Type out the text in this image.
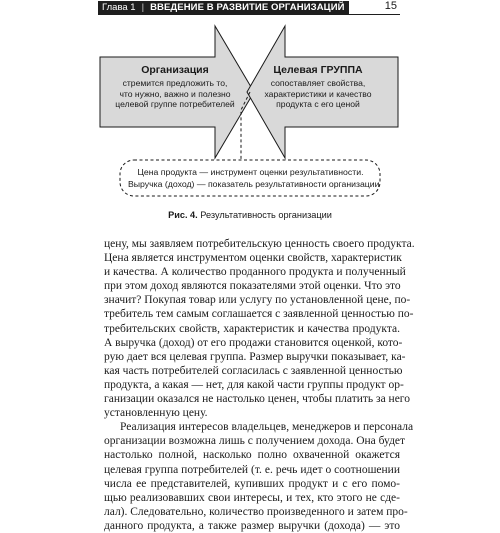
Глава 1 | ВВЕДЕНИЕ В РАЗВИТИЕ ОРГАНИЗАЦИЙ	15
Организация
стремится предложить то,
что нужно, важно и полезно
целевой группе потребителей
Целевая ГРУППА
сопоставляет свойства,
характеристики и качество
продукта с его ценой
Цена продукта — инструмент оценки результативности.
Выручка (доход) — показатель результативности организации
Рис. 4. Результативность организации
цену, мы заявляем потребительскую ценность своего продукта.
Цена является инструментом оценки свойств, характеристик
и качества. А количество проданного продукта и полученный
при этом доход являются показателями этой оценки. Что это
значит? Покупая товар или услугу по установленной цене, по-
требитель тем самым соглашается с заявленной ценностью по-
требительских свойств, характеристик и качества продукта.
А выручка (доход) от его продажи становится оценкой, кото-
рую дает вся целевая группа. Размер выручки показывает, ка-
кая часть потребителей согласилась с заявленной ценностью
продукта, а какая — нет, для какой части группы продукт ор-
ганизации оказался не настолько ценен, чтобы платить за него
установленную цену.
Реализация интересов владельцев, менеджеров и персонала
организации возможна лишь с получением дохода. Она будет
настолько полной, насколько полно охваченной окажется
целевая группа потребителей (т. е. речь идет о соотношении
числа ее представителей, купивших продукт и с его помо-
щью реализовавших свои интересы, и тех, кто этого не сде-
лал). Следовательно, количество произведенного и затем про-
данного продукта, а также размер выручки (дохода) — это
